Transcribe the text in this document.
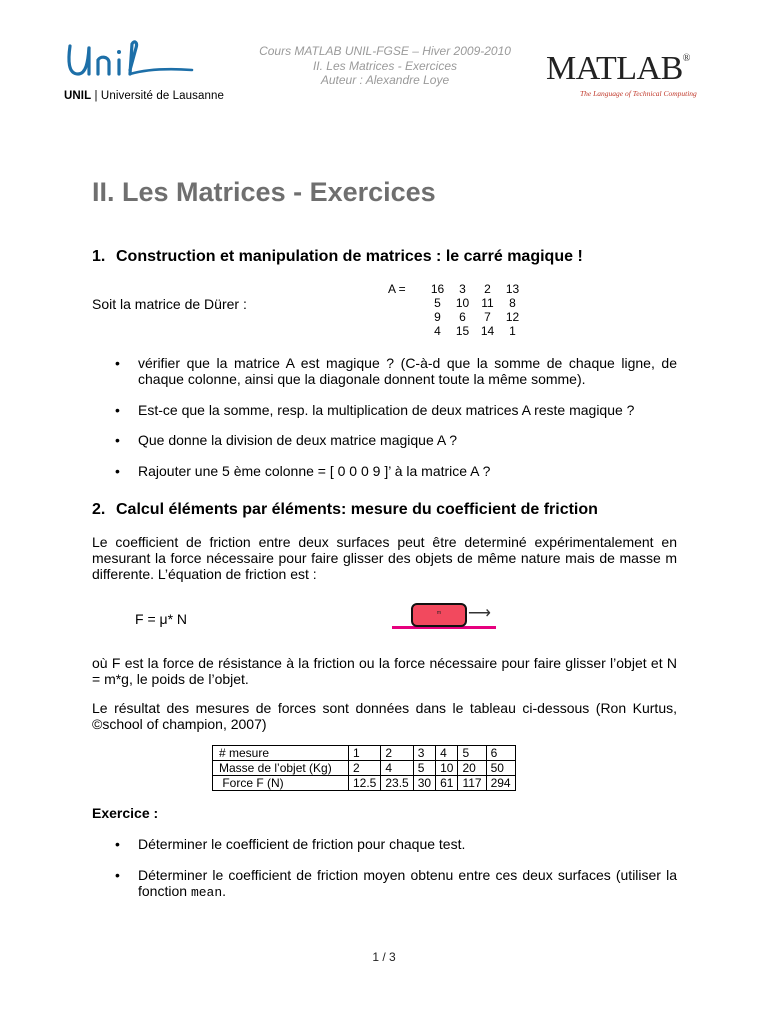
UNIL | Université de Lausanne
Cours MATLAB UNIL-FGSE – Hiver 2009-2010
II. Les Matrices - Exercices
Auteur : Alexandre Loye	MATLAB®
The Language of Technical Computing
II. Les Matrices - Exercices
1. Construction et manipulation de matrices : le carré magique !
Soit la matrice de Dürer :
A = 16	3	2	13
5	10	11	8
9	6	7	12
4	15	14	1
• vérifier que la matrice A est magique ? (C-à-d que la somme de chaque ligne, de chaque colonne, ainsi que la diagonale donnent toute la même somme).
• Est-ce que la somme, resp. la multiplication de deux matrices A reste magique ?
• Que donne la division de deux matrice magique A ?
• Rajouter une 5 ème colonne = [ 0 0 0 9 ]’ à la matrice A ?
2. Calcul éléments par éléments: mesure du coefficient de friction
Le coefficient de friction entre deux surfaces peut être determiné expérimentalement en mesurant la force nécessaire pour faire glisser des objets de même nature mais de masse m differente. L’équation de friction est :
F = μ* N	m	⟶
où F est la force de résistance à la friction ou la force nécessaire pour faire glisser l’objet et N = m*g, le poids de l’objet.
Le résultat des mesures de forces sont données dans le tableau ci-dessous (Ron Kurtus, ©school of champion, 2007)
# mesure	1	2	3	4	5	6
Masse de l’objet (Kg)	2	4	5	10	20	50
Force F (N)	12.5	23.5	30	61	117	294
Exercice :
• Déterminer le coefficient de friction pour chaque test.
• Déterminer le coefficient de friction moyen obtenu entre ces deux surfaces (utiliser la fonction mean.
1 / 3
